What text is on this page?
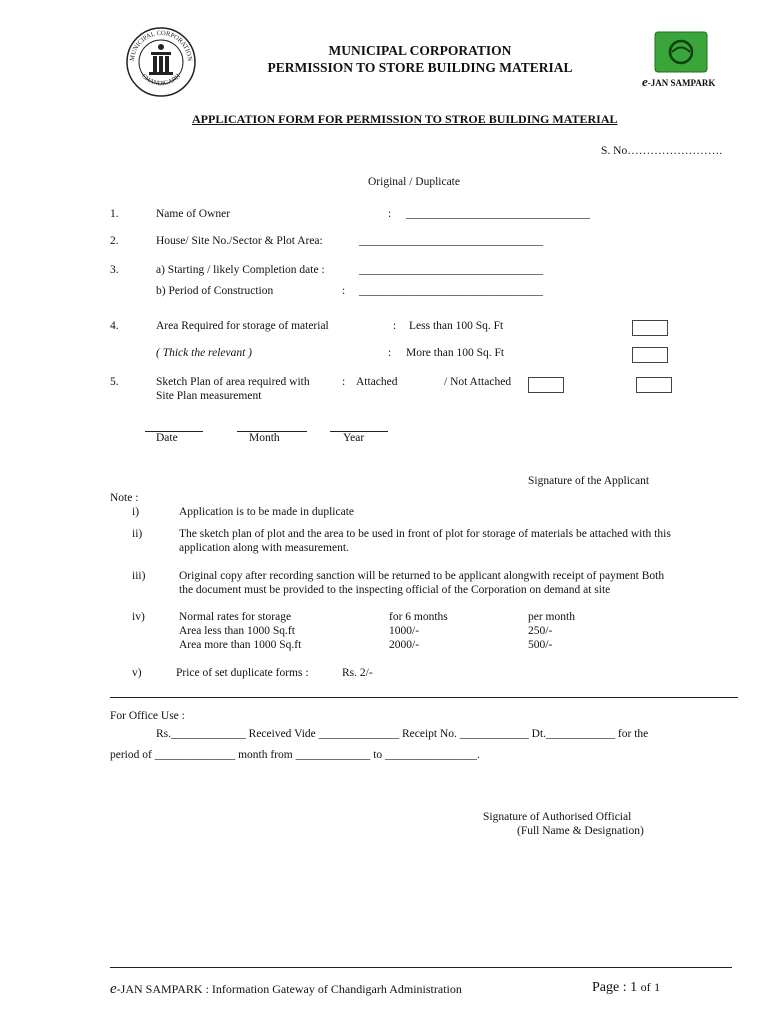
MUNICIPAL CORPORATION
CHANDIGARH
MUNICIPAL CORPORATION
PERMISSION TO STORE BUILDING MATERIAL
e-JAN SAMPARK
APPLICATION FORM FOR PERMISSION TO STROE BUILDING MATERIAL
S. No…………………….
Original / Duplicate
1.	Name of Owner	: ________________________________
2.	House/ Site No./Sector & Plot Area:	________________________________
3.	a) Starting / likely Completion date :	________________________________
b) Period of Construction	: ________________________________
4.	Area Required for storage of material	: Less than 100 Sq. Ft
( Thick the relevant )	: More than 100 Sq. Ft
5.	Sketch Plan of area required with
Site Plan measurement
: Attached	/ Not Attached
Date	Month	Year
Signature of the Applicant
Note :
i)	Application is to be made in duplicate
ii)	The sketch plan of plot and the area to be used in front of plot for storage of materials be attached with this
application along with measurement.
iii)	Original copy after recording sanction will be returned to be applicant alongwith receipt of payment Both
the document must be provided to the inspecting official of the Corporation on demand at site
iv)	Normal rates for storage	for 6 months	per month
Area less than 1000 Sq.ft	1000/-	250/-
Area more than 1000 Sq.ft	2000/-	500/-
v)	Price of set duplicate forms :	Rs. 2/-
For Office Use :
Rs._____________ Received Vide ______________ Receipt No. ____________ Dt.____________ for the
period of ______________ month from _____________ to ________________.
Signature of Authorised Official
(Full Name & Designation)
e-JAN SAMPARK : Information Gateway of Chandigarh Administration	Page : 1 of 1
